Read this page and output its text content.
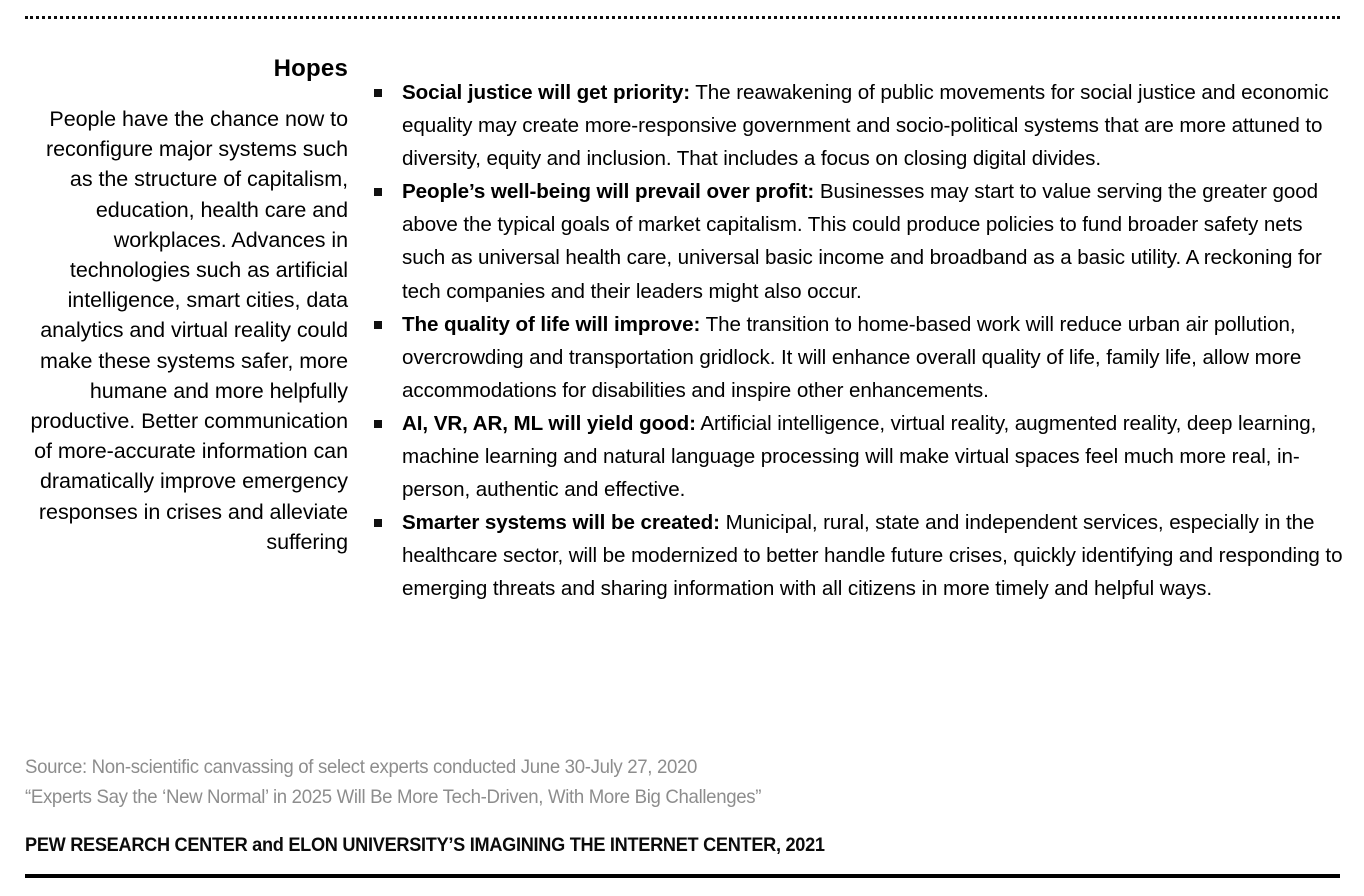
Hopes
People have the chance now to reconfigure major systems such as the structure of capitalism, education, health care and workplaces. Advances in technologies such as artificial intelligence, smart cities, data analytics and virtual reality could make these systems safer, more humane and more helpfully productive. Better communication of more-accurate information can dramatically improve emergency responses in crises and alleviate suffering
Social justice will get priority: The reawakening of public movements for social justice and economic equality may create more-responsive government and socio-political systems that are more attuned to diversity, equity and inclusion. That includes a focus on closing digital divides.
People’s well-being will prevail over profit: Businesses may start to value serving the greater good above the typical goals of market capitalism. This could produce policies to fund broader safety nets such as universal health care, universal basic income and broadband as a basic utility. A reckoning for tech companies and their leaders might also occur.
The quality of life will improve: The transition to home-based work will reduce urban air pollution, overcrowding and transportation gridlock. It will enhance overall quality of life, family life, allow more accommodations for disabilities and inspire other enhancements.
AI, VR, AR, ML will yield good: Artificial intelligence, virtual reality, augmented reality, deep learning, machine learning and natural language processing will make virtual spaces feel much more real, in-person, authentic and effective.
Smarter systems will be created: Municipal, rural, state and independent services, especially in the healthcare sector, will be modernized to better handle future crises, quickly identifying and responding to emerging threats and sharing information with all citizens in more timely and helpful ways.
Source: Non-scientific canvassing of select experts conducted June 30-July 27, 2020
“Experts Say the ‘New Normal’ in 2025 Will Be More Tech-Driven, With More Big Challenges”
PEW RESEARCH CENTER and ELON UNIVERSITY’S IMAGINING THE INTERNET CENTER, 2021
